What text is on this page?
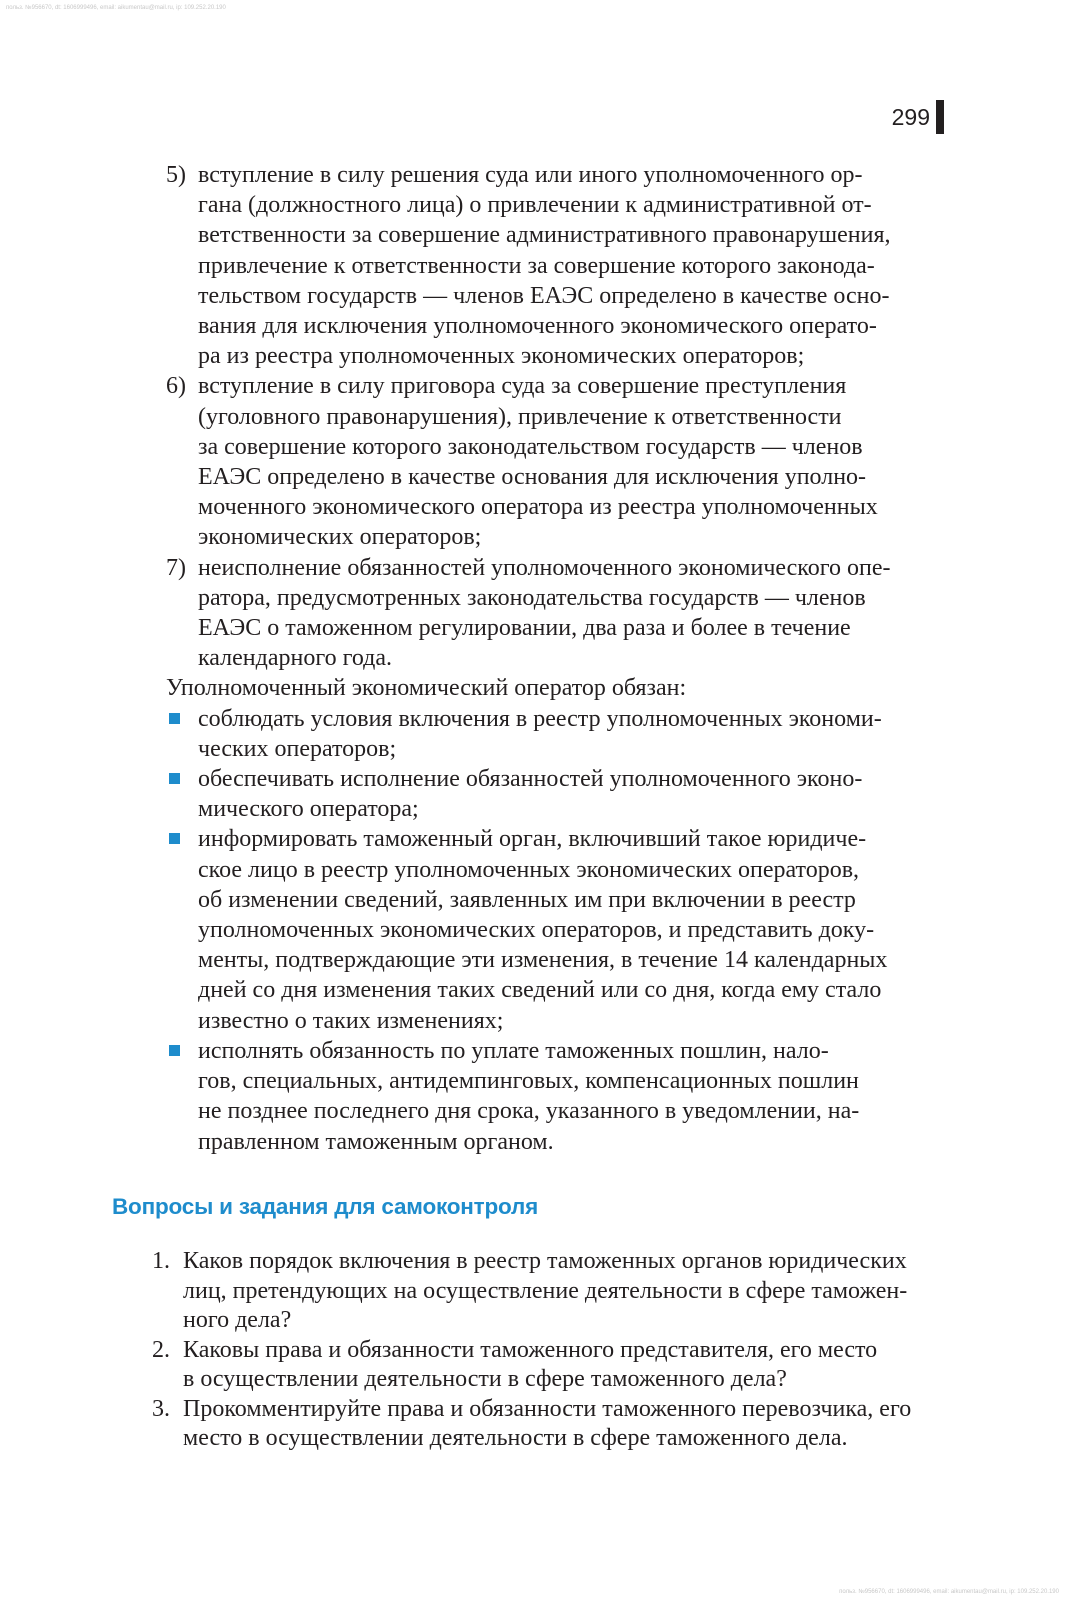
польз. №956670, dt: 1606999496, email: aikumentau@mail.ru, ip: 109.252.20.190
299
5) вступление в силу решения суда или иного уполномоченного ор-
гана (должностного лица) о привлечении к административной от-
ветственности за совершение административного правонарушения,
привлечение к ответственности за совершение которого законода-
тельством государств — членов ЕАЭС определено в качестве осно-
вания для исключения уполномоченного экономического операто-
ра из реестра уполномоченных экономических операторов;
6) вступление в силу приговора суда за совершение преступления
(уголовного правонарушения), привлечение к ответственности
за совершение которого законодательством государств — членов
ЕАЭС определено в качестве основания для исключения уполно-
моченного экономического оператора из реестра уполномоченных
экономических операторов;
7) неисполнение обязанностей уполномоченного экономического опе-
ратора, предусмотренных законодательства государств — членов
ЕАЭС о таможенном регулировании, два раза и более в течение
календарного года.

Уполномоченный экономический оператор обязан:

соблюдать условия включения в реестр уполномоченных экономи-
ческих операторов;
обеспечивать исполнение обязанностей уполномоченного эконо-
мического оператора;
информировать таможенный орган, включивший такое юридиче-
ское лицо в реестр уполномоченных экономических операторов,
об изменении сведений, заявленных им при включении в реестр
уполномоченных экономических операторов, и представить доку-
менты, подтверждающие эти изменения, в течение 14 календарных
дней со дня изменения таких сведений или со дня, когда ему стало
известно о таких изменениях;
исполнять обязанность по уплате таможенных пошлин, нало-
гов, специальных, антидемпинговых, компенсационных пошлин
не позднее последнего дня срока, указанного в уведомлении, на-
правленном таможенным органом.
Вопросы и задания для самоконтроля
1. Каков порядок включения в реестр таможенных органов юридических
лиц, претендующих на осуществление деятельности в сфере таможен-
ного дела?
2. Каковы права и обязанности таможенного представителя, его место
в осуществлении деятельности в сфере таможенного дела?
3. Прокомментируйте права и обязанности таможенного перевозчика, его
место в осуществлении деятельности в сфере таможенного дела.
польз. №956670, dt: 1606999496, email: aikumentau@mail.ru, ip: 109.252.20.190
